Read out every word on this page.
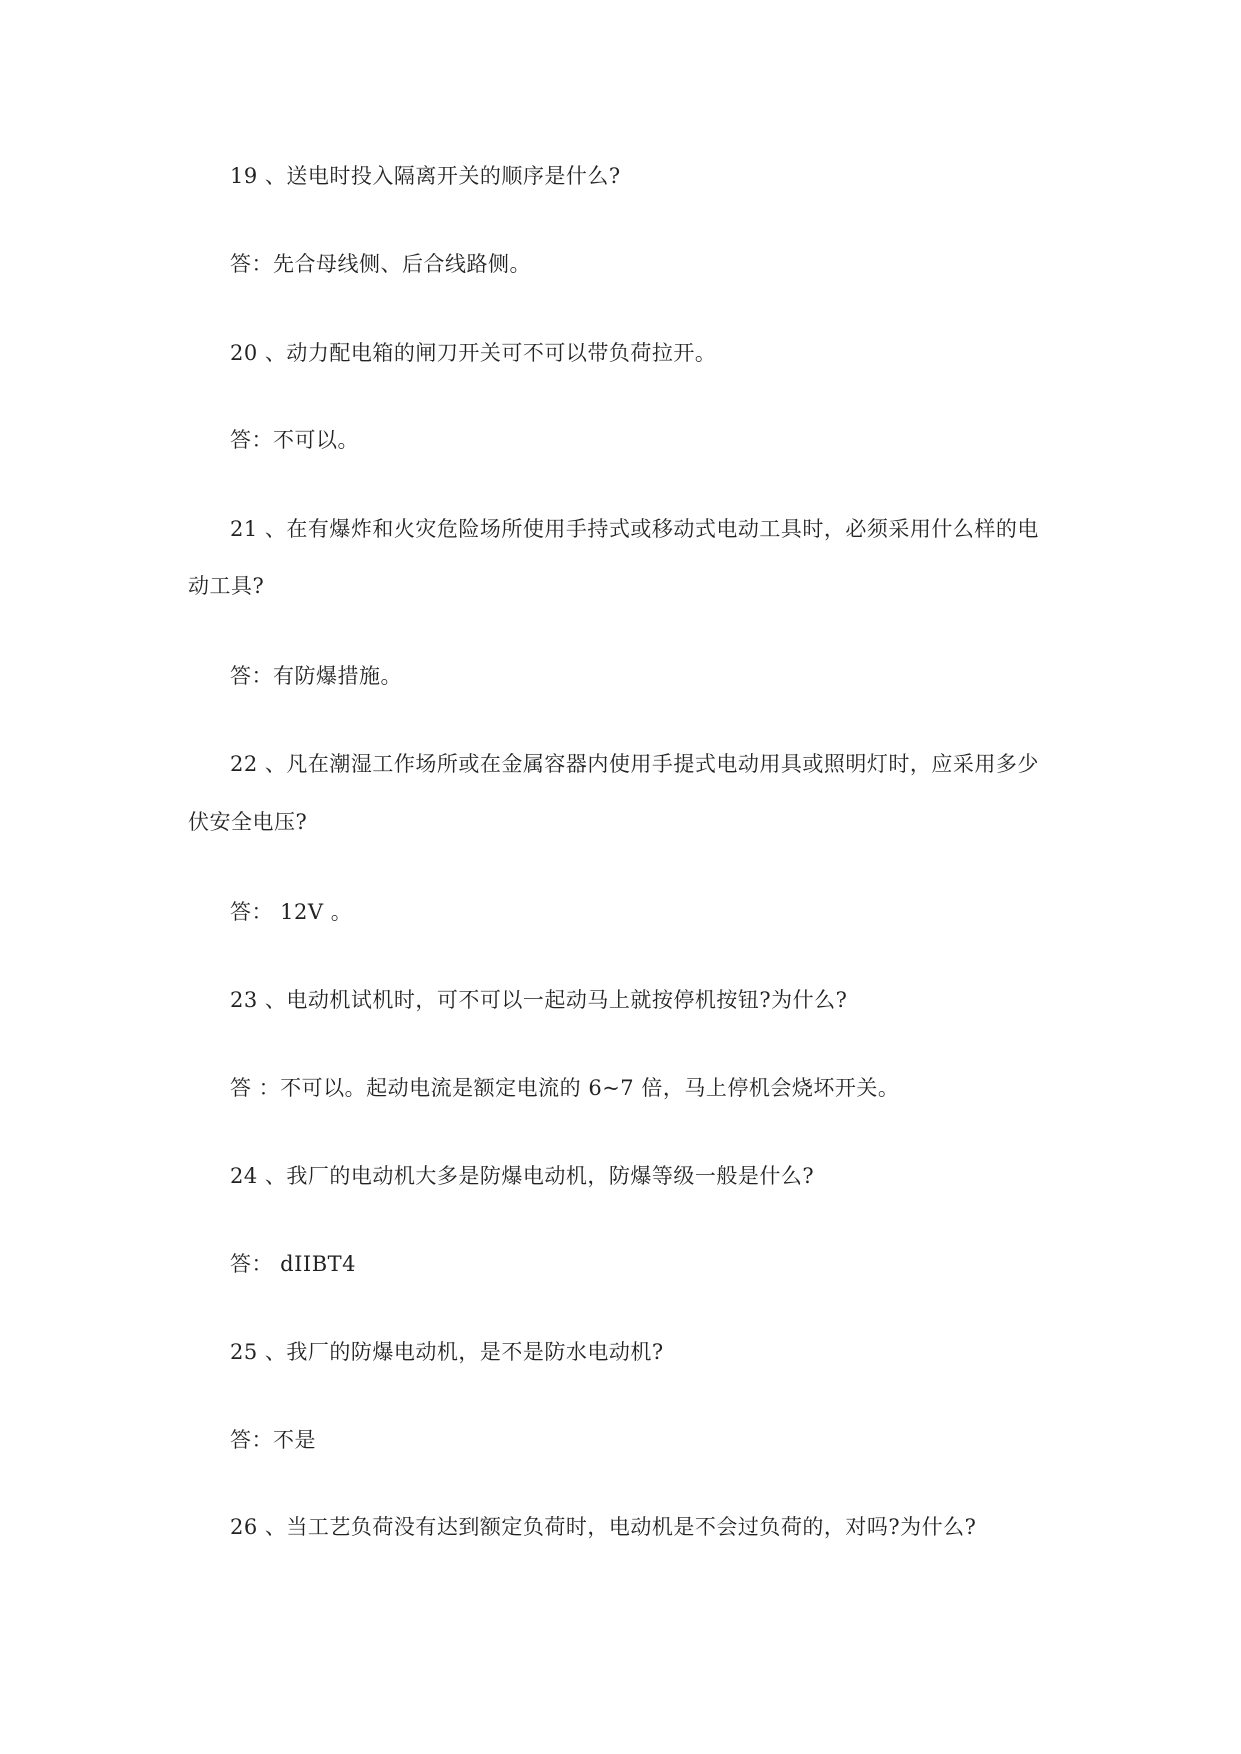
19 、送电时投入隔离开关的顺序是什么?
答：先合母线侧、后合线路侧。
20 、动力配电箱的闸刀开关可不可以带负荷拉开。
答：不可以。
21 、在有爆炸和火灾危险场所使用手持式或移动式电动工具时，必须采用什么样的电
动工具?
答：有防爆措施。
22 、凡在潮湿工作场所或在金属容器内使用手提式电动用具或照明灯时，应采用多少
伏安全电压?
答： 12V 。
23 、电动机试机时，可不可以一起动马上就按停机按钮?为什么?
答 ：不可以。起动电流是额定电流的 6~7 倍，马上停机会烧坏开关。
24 、我厂的电动机大多是防爆电动机，防爆等级一般是什么?
答： dIIBT4
25 、我厂的防爆电动机，是不是防水电动机?
答：不是
26 、当工艺负荷没有达到额定负荷时，电动机是不会过负荷的，对吗?为什么?
